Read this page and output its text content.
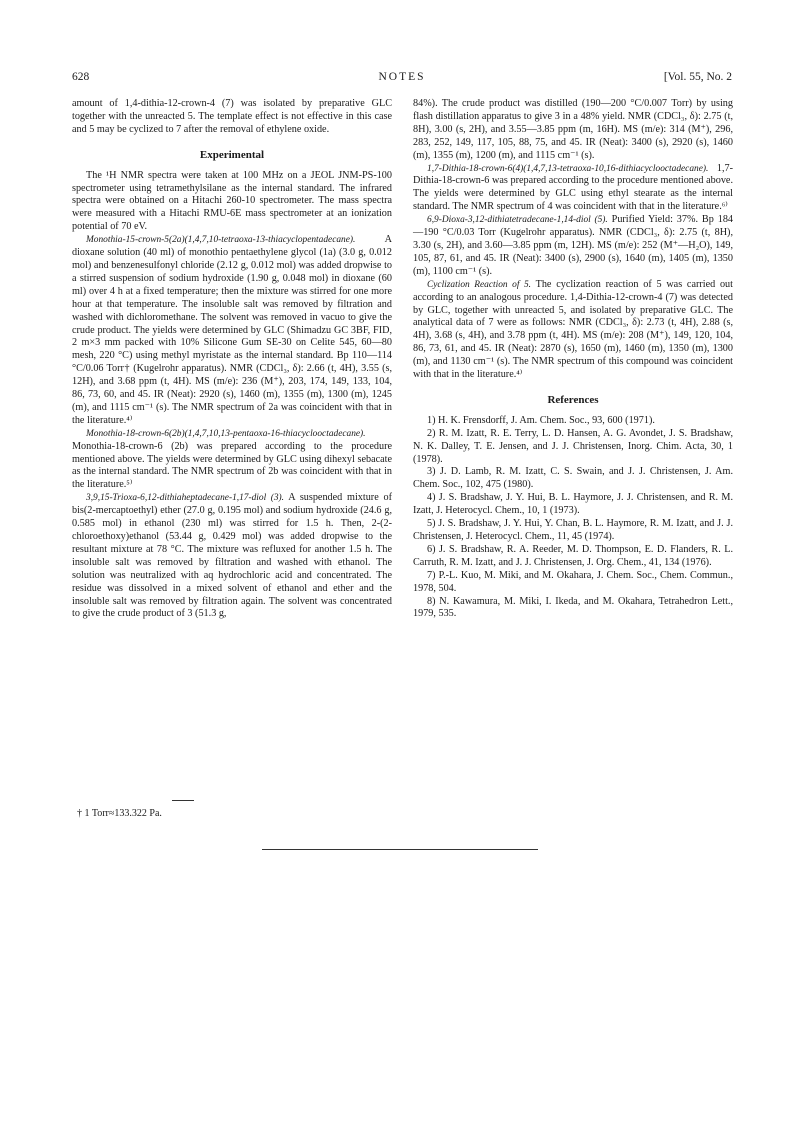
628	NOTES	[Vol. 55, No. 2

amount of 1,4-dithia-12-crown-4 (7) was isolated by preparative GLC together with the unreacted 5. The template effect is not effective in this case and 5 may be cyclized to 7 after the removal of ethylene oxide.

Experimental

The ¹H NMR spectra were taken at 100 MHz on a JEOL JNM-PS-100 spectrometer using tetramethylsilane as the internal standard. The infrared spectra were obtained on a Hitachi 260-10 spectrometer. The mass spectra were measured with a Hitachi RMU-6E mass spectrometer at an ionization potential of 70 eV.

Monothia-15-crown-5(2a)(1,4,7,10-tetraoxa-13-thiacyclopentadecane).	A dioxane solution (40 ml) of monothio pentaethylene glycol (1a) (3.0 g, 0.012 mol) and benzenesulfonyl chloride (2.12 g, 0.012 mol) was added dropwise to a stirred suspension of sodium hydroxide (1.90 g, 0.048 mol) in dioxane (60 ml) over 4 h at a fixed temperature; then the mixture was stirred for one more hour at that temperature. The insoluble salt was removed by filtration and washed with dichloromethane. The solvent was removed in vacuo to give the crude product. The yields were determined by GLC (Shimadzu GC 3BF, FID, 2 m×3 mm packed with 10% Silicone Gum SE-30 on Celite 545, 60—80 mesh, 220 °C) using methyl myristate as the internal standard. Bp 110—114 °C/0.06 Torr† (Kugelrohr apparatus). NMR (CDCl₃, δ): 2.66 (t, 4H), 3.55 (s, 12H), and 3.68 ppm (t, 4H). MS (m/e): 236 (M⁺), 203, 174, 149, 133, 104, 86, 73, 60, and 45. IR (Neat): 2920 (s), 1460 (m), 1355 (m), 1300 (m), 1245 (m), and 1115 cm⁻¹ (s). The NMR spectrum of 2a was coincident with that in the literature.⁴⁾

Monothia-18-crown-6(2b)(1,4,7,10,13-pentaoxa-16-thiacyclooctadecane). Monothia-18-crown-6 (2b) was prepared according to the procedure mentioned above. The yields were determined by GLC using dihexyl sebacate as the internal standard. The NMR spectrum of 2b was coincident with that in the literature.⁵⁾

3,9,15-Trioxa-6,12-dithiaheptadecane-1,17-diol (3). A suspended mixture of bis(2-mercaptoethyl) ether (27.0 g, 0.195 mol) and sodium hydroxide (24.6 g, 0.585 mol) in ethanol (230 ml) was stirred for 1.5 h. Then, 2-(2-chloroethoxy)ethanol (53.44 g, 0.429 mol) was added dropwise to the resultant mixture at 78 °C. The mixture was refluxed for another 1.5 h. The insoluble salt was removed by filtration and washed with ethanol. The solution was neutralized with aq hydrochloric acid and concentrated. The residue was dissolved in a mixed solvent of ethanol and ether and the insoluble salt was removed by filtration again. The solvent was concentrated to give the crude product of 3 (51.3 g,

† 1 Torr≈133.322 Pa.

84%). The crude product was distilled (190—200 °C/0.007 Torr) by using flash distillation apparatus to give 3 in a 48% yield. NMR (CDCl₃, δ): 2.75 (t, 8H), 3.00 (s, 2H), and 3.55—3.85 ppm (m, 16H). MS (m/e): 314 (M⁺), 296, 283, 252, 149, 117, 105, 88, 75, and 45. IR (Neat): 3400 (s), 2920 (s), 1460 (m), 1355 (m), 1200 (m), and 1115 cm⁻¹ (s).

1,7-Dithia-18-crown-6(4)(1,4,7,13-tetraoxa-10,16-dithiacyclooctadecane). 1,7-Dithia-18-crown-6 was prepared according to the procedure mentioned above. The yields were determined by GLC using ethyl stearate as the internal standard. The NMR spectrum of 4 was coincident with that in the literature.⁶⁾

6,9-Dioxa-3,12-dithiatetradecane-1,14-diol (5). Purified Yield: 37%. Bp 184—190 °C/0.03 Torr (Kugelrohr apparatus). NMR (CDCl₃, δ): 2.75 (t, 8H), 3.30 (s, 2H), and 3.60—3.85 ppm (m, 12H). MS (m/e): 252 (M⁺—H₂O), 149, 105, 87, 61, and 45. IR (Neat): 3400 (s), 2900 (s), 1640 (m), 1405 (m), 1350 (m), 1100 cm⁻¹ (s).

Cyclization Reaction of 5. The cyclization reaction of 5 was carried out according to an analogous procedure. 1,4-Dithia-12-crown-4 (7) was detected by GLC, together with unreacted 5, and isolated by preparative GLC. The analytical data of 7 were as follows: NMR (CDCl₃, δ): 2.73 (t, 4H), 2.88 (s, 4H), 3.68 (s, 4H), and 3.78 ppm (t, 4H). MS (m/e): 208 (M⁺), 149, 120, 104, 86, 73, 61, and 45. IR (Neat): 2870 (s), 1650 (m), 1460 (m), 1350 (m), 1300 (m), and 1130 cm⁻¹ (s). The NMR spectrum of this compound was coincident with that in the literature.⁴⁾

References
1) H. K. Frensdorff, J. Am. Chem. Soc., 93, 600 (1971).
2) R. M. Izatt, R. E. Terry, L. D. Hansen, A. G. Avondet, J. S. Bradshaw, N. K. Dalley, T. E. Jensen, and J. J. Christensen, Inorg. Chim. Acta, 30, 1 (1978).
3) J. D. Lamb, R. M. Izatt, C. S. Swain, and J. J. Christensen, J. Am. Chem. Soc., 102, 475 (1980).
4) J. S. Bradshaw, J. Y. Hui, B. L. Haymore, J. J. Christensen, and R. M. Izatt, J. Heterocycl. Chem., 10, 1 (1973).
5) J. S. Bradshaw, J. Y. Hui, Y. Chan, B. L. Haymore, R. M. Izatt, and J. J. Christensen, J. Heterocycl. Chem., 11, 45 (1974).
6) J. S. Bradshaw, R. A. Reeder, M. D. Thompson, E. D. Flanders, R. L. Carruth, R. M. Izatt, and J. J. Christensen, J. Org. Chem., 41, 134 (1976).
7) P.-L. Kuo, M. Miki, and M. Okahara, J. Chem. Soc., Chem. Commun., 1978, 504.
8) N. Kawamura, M. Miki, I. Ikeda, and M. Okahara, Tetrahedron Lett., 1979, 535.
